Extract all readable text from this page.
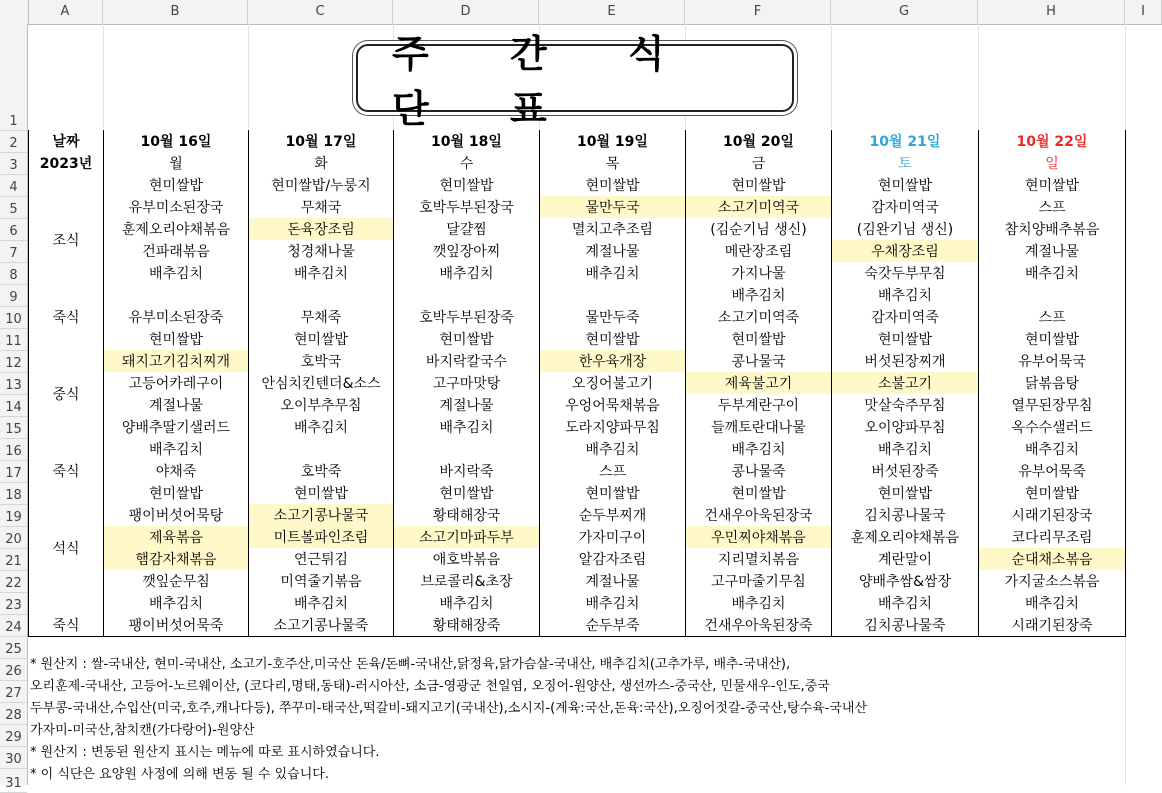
A	B	C	D	E	F	G	H	I
1
2
3
4
5
6
7
8
9
10
11
12
13
14
15
16
17
18
19
20
21
22
23
24
25
26
27
28
29
30
31
주 간 식 단 표
날짜	10월 16일	10월 17일	10월 18일	10월 19일	10월 20일	10월 21일	10월 22일
2023년	월	화	수	목	금	토	일
조식	현미쌀밥	현미쌀밥/누룽지	현미쌀밥	현미쌀밥	현미쌀밥	현미쌀밥	현미쌀밥
	유부미소된장국	무채국	호박두부된장국	물만두국	소고기미역국	감자미역국	스프
	훈제오리야채볶음	돈육장조림	달걀찜	멸치고추조림	(김순기님 생신)	(김완기님 생신)	참치양배추볶음
	건파래볶음	청경채나물	깻잎장아찌	계절나물	메란장조림	우채장조림	계절나물
	배추김치	배추김치	배추김치	배추김치	가지나물	숙갓두부무침	배추김치
					배추김치	배추김치	
죽식	유부미소된장죽	무채죽	호박두부된장죽	물만두죽	소고기미역죽	감자미역죽	스프
중식	현미쌀밥	현미쌀밥	현미쌀밥	현미쌀밥	현미쌀밥	현미쌀밥	현미쌀밥
	돼지고기김치찌개	호박국	바지락칼국수	한우육개장	콩나물국	버섯된장찌개	유부어묵국
	고등어카레구이	안심치킨텐더&소스	고구마맛탕	오징어불고기	제육불고기	소불고기	닭볶음탕
	계절나물	오이부추무침	계절나물	우엉어묵채볶음	두부계란구이	맛살숙주무침	열무된장무침
	양배추딸기샐러드	배추김치	배추김치	도라지양파무침	들깨토란대나물	오이양파무침	옥수수샐러드
	배추김치			배추김치	배추김치	배추김치	배추김치
죽식	야채죽	호박죽	바지락죽	스프	콩나물죽	버섯된장죽	유부어묵죽
석식	현미쌀밥	현미쌀밥	현미쌀밥	현미쌀밥	현미쌀밥	현미쌀밥	현미쌀밥
	팽이버섯어묵탕	소고기콩나물국	황태해장국	순두부찌개	건새우아욱된장국	김치콩나물국	시래기된장국
	제육볶음	미트볼파인조림	소고기마파두부	가자미구이	우민찌야채볶음	훈제오리야채볶음	코다리무조림
	햄감자채볶음	연근튀김	애호박볶음	알감자조림	지리멸치볶음	계란말이	순대채소볶음
	깻잎순무침	미역줄기볶음	브로콜리&초장	계절나물	고구마줄기무침	양배추쌈&쌈장	가지굴소스볶음
	배추김치	배추김치	배추김치	배추김치	배추김치	배추김치	배추김치
죽식	팽이버섯어묵죽	소고기콩나물죽	황태해장죽	순두부죽	건새우아욱된장죽	김치콩나물죽	시래기된장죽
* 원산지 : 쌀-국내산, 현미-국내산, 소고기-호주산,미국산 돈육/돈뼈-국내산,닭정육,닭가슴살-국내산, 배추김치(고추가루, 배추-국내산),
오리훈제-국내산, 고등어-노르웨이산, (코다리,명태,동태)-러시아산, 소금-영광군 천일염, 오징어-원양산, 생선까스-중국산, 민물새우-인도,중국
두부콩-국내산,수입산(미국,호주,캐나다등), 쭈꾸미-태국산,떡갈비-돼지고기(국내산),소시지-(계육:국산,돈육:국산),오징어젓갈-중국산,탕수육-국내산
가자미-미국산,참치캔(가다랑어)-원양산
* 원산지 : 변동된 원산지 표시는 메뉴에 따로 표시하였습니다.
* 이 식단은 요양원 사정에 의해 변동 될 수 있습니다.
